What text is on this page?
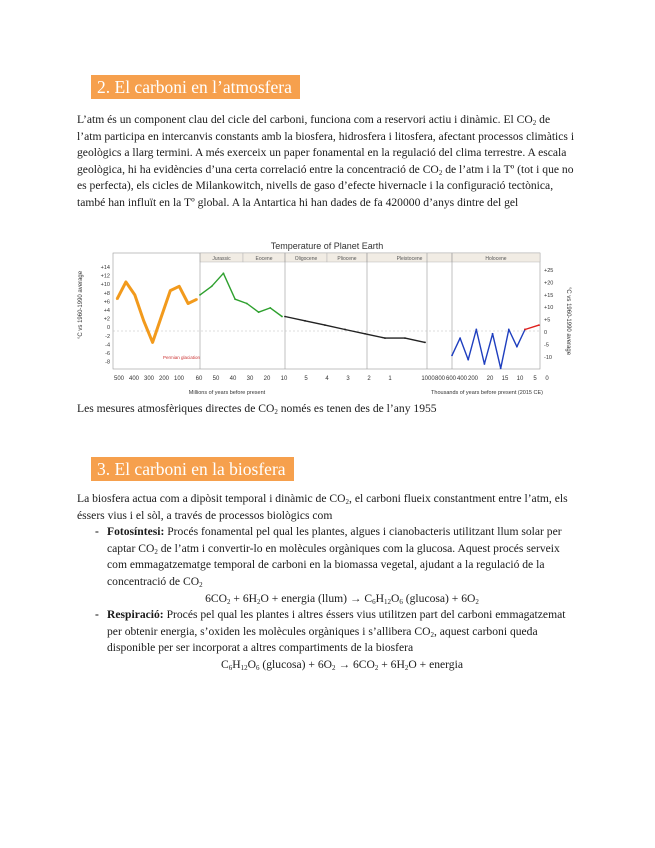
2. El carboni en l’atmosfera

L’atm és un component clau del cicle del carboni, funciona com a reservori actiu i dinàmic. El $CO_2$ de l’atm participa en intercanvis constants amb la biosfera, hidrosfera i litosfera, afectant processos climàtics i geològics a llarg termini. A més exerceix un paper fonamental en la regulació del clima terrestre. A escala geològica, hi ha evidències d’una certa correlació entre la concentració de $CO_2$ de l’atm i la Tº (tot i que no es perfecta), els cicles de Milankowitch, nivells de gaso d’efecte hivernacle i la configuració tectònica, també han influït en la Tº global. A la Antartica hi han dades de fa 420000 d’anys dintre del gel

Temperature of Planet Earth
Jurassic	Eocene	Oligocene	Pliocene	Pleistocene	Holocene
+14
+12
+10
+8
+6
+4
+2
0
-2
-4
-6
-8
+25
+20
+15
+10
+5
0
-5
-10
500 400 300 200 100 60 50 40 30 20 10	5	4	3	2	1	1000 800 600 400 200 20 15 10 5 0
°C vs 1960-1990 average	°C vs 1960-1990 average
Millions of years before present	Thousands of years before present (2015 CE)
Permian glaciation

Les mesures atmosfèriques directes de $CO_2$ només es tenen des de l’any 1955

3. El carboni en la biosfera

La biosfera actua com a dipòsit temporal i dinàmic de $CO_2$, el carboni flueix constantment entre l’atm, els éssers vius i el sòl, a través de processos biològics com

- Fotosíntesi: Procés fonamental pel qual les plantes, algues i cianobacteris utilitzant llum solar per captar $CO_2$ de l’atm i convertir-lo en molècules orgàniques com la glucosa. Aquest procés serveix com emmagatzematge temporal de carboni en la biomassa vegetal, ajudant a la regulació de la concentració de $CO_2$
$6CO_2 + 6H_2O$ + energia (llum) → $C_6H_{12}O_6$ $(glucosa) + 6O_2$
- Respiració: Procés pel qual les plantes i altres éssers vius utilitzen part del carboni emmagatzemat per obtenir energia, s’oxiden les molècules orgàniques i s’allibera $CO_2$, aquest carboni queda disponible per ser incorporat a altres compartiments de la biosfera
$C_6H_{12}O_6$ $(glucosa) + 6O_2 \to 6CO_2 + 6H_2O$ + energia
